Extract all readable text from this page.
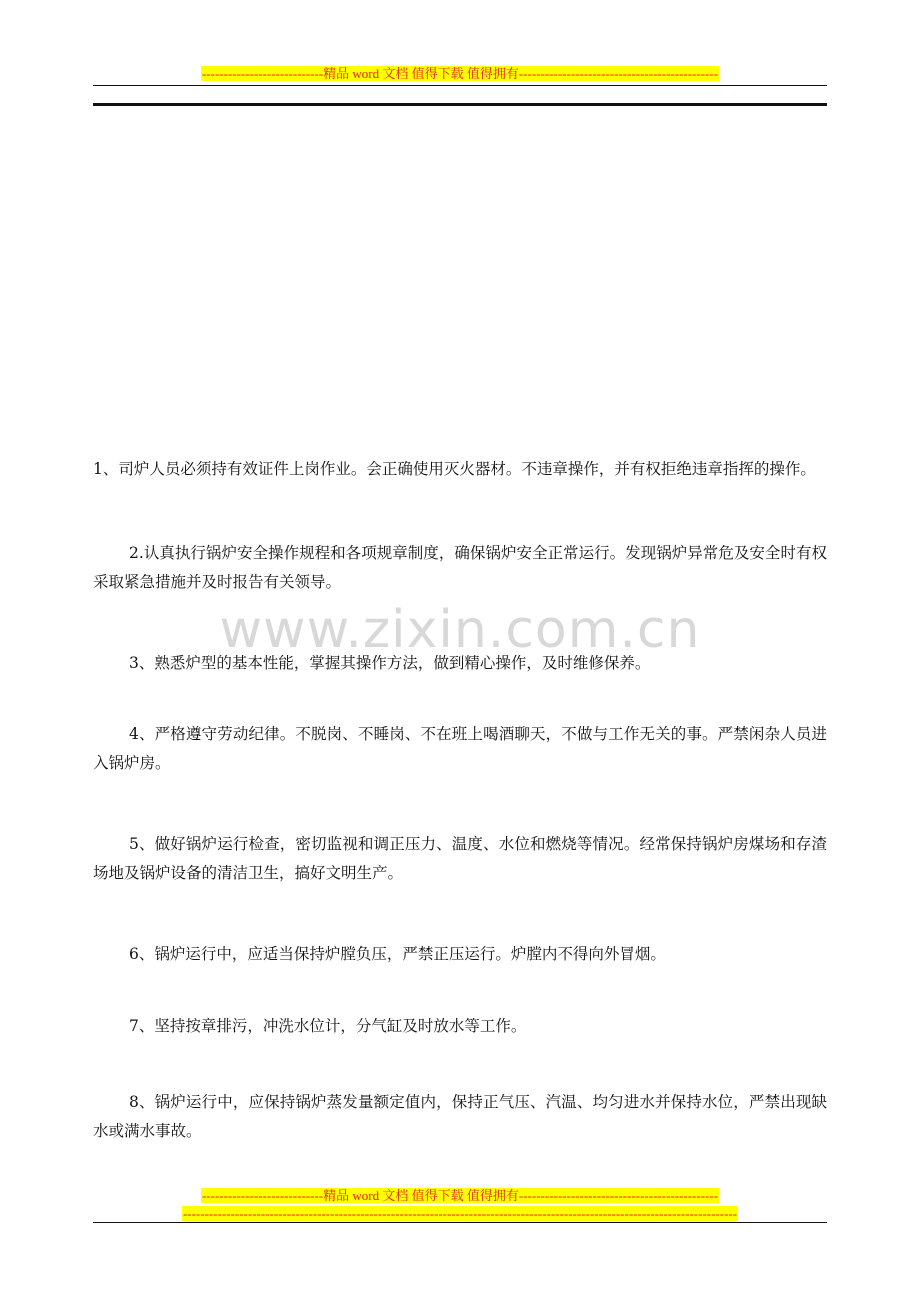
----------------------------精品 word 文档 值得下载 值得拥有----------------------------------------------
www.zixin.com.cn

1、司炉人员必须持有效证件上岗作业。会正确使用灭火器材。不违章操作，并有权拒绝违章指挥的操作。

2.认真执行锅炉安全操作规程和各项规章制度，确保锅炉安全正常运行。发现锅炉异常危及安全时有权采取紧急措施并及时报告有关领导。

3、熟悉炉型的基本性能，掌握其操作方法，做到精心操作，及时维修保养。

4、严格遵守劳动纪律。不脱岗、不睡岗、不在班上喝酒聊天，不做与工作无关的事。严禁闲杂人员进入锅炉房。

5、做好锅炉运行检查，密切监视和调正压力、温度、水位和燃烧等情况。经常保持锅炉房煤场和存渣场地及锅炉设备的清洁卫生，搞好文明生产。

6、锅炉运行中，应适当保持炉膛负压，严禁正压运行。炉膛内不得向外冒烟。

7、坚持按章排污，冲洗水位计，分气缸及时放水等工作。

8、锅炉运行中，应保持锅炉蒸发量额定值内，保持正气压、汽温、均匀进水并保持水位，严禁出现缺水或满水事故。

----------------------------精品 word 文档 值得下载 值得拥有----------------------------------------------
--------------------------------------------------------------------------------------------------------------------------------
